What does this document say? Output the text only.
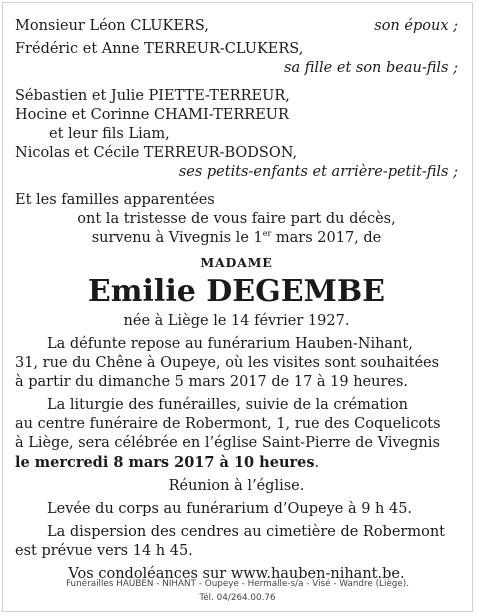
Monsieur Léon CLUKERS,	son époux ;
Frédéric et Anne TERREUR-CLUKERS,
sa fille et son beau-fils ;
Sébastien et Julie PIETTE-TERREUR,
Hocine et Corinne CHAMI-TERREUR
et leur fils Liam,
Nicolas et Cécile TERREUR-BODSON,
ses petits-enfants et arrière-petit-fils ;
Et les familles apparentées
ont la tristesse de vous faire part du décès,
survenu à Vivegnis le 1er mars 2017, de
MADAME
Emilie DEGEMBE
née à Liège le 14 février 1927.
La défunte repose au funérarium Hauben-Nihant,
31, rue du Chêne à Oupeye, où les visites sont souhaitées
à partir du dimanche 5 mars 2017 de 17 à 19 heures.
La liturgie des funérailles, suivie de la crémation
au centre funéraire de Robermont, 1, rue des Coquelicots
à Liège, sera célébrée en l’église Saint-Pierre de Vivegnis
le mercredi 8 mars 2017 à 10 heures.
Réunion à l’église.
Levée du corps au funérarium d’Oupeye à 9 h 45.
La dispersion des cendres au cimetière de Robermont
est prévue vers 14 h 45.
Vos condoléances sur www.hauben-nihant.be.
Funérailles HAUBEN - NIHANT - Oupeye - Hermalle-s/a - Visé - Wandre (Liège).
Tél. 04/264.00.76
